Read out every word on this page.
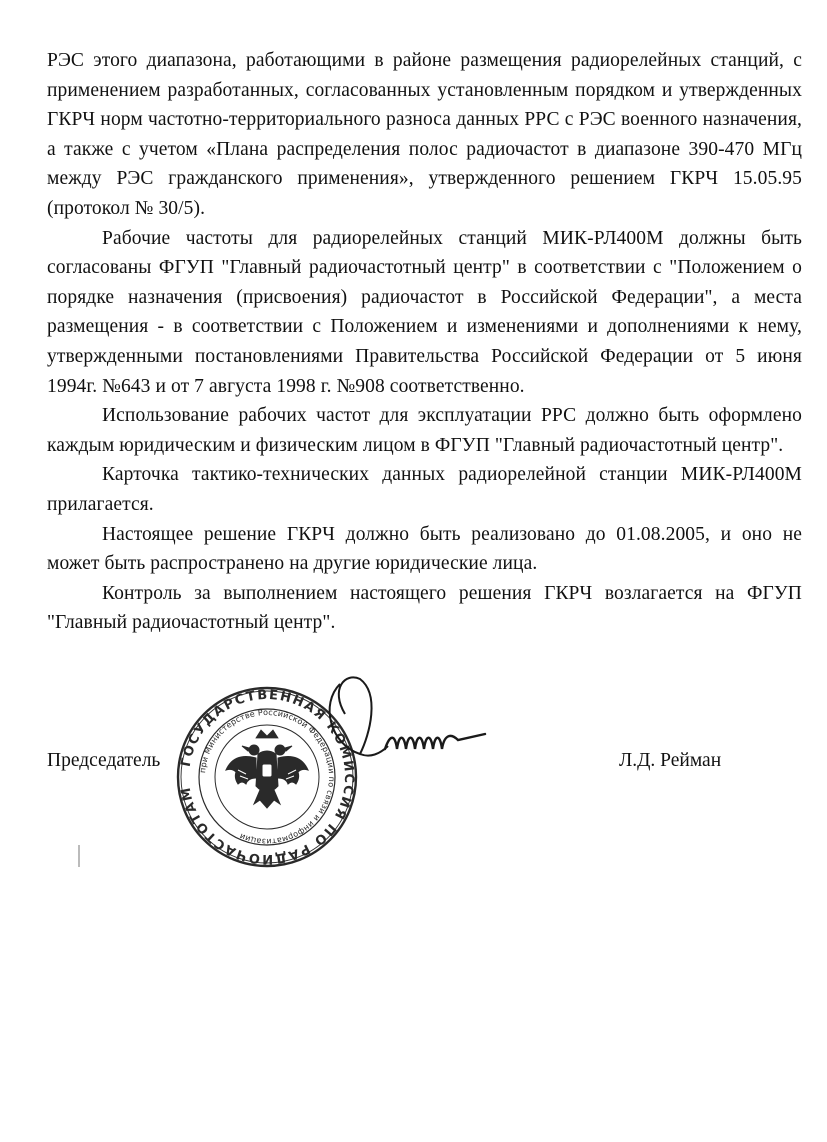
РЭС этого диапазона, работающими в районе размещения радиорелейных станций, с применением разработанных, согласованных установленным порядком и утвержденных ГКРЧ норм частотно-территориального разноса данных РРС с РЭС военного назначения, а также с учетом «Плана распределения полос радиочастот в диапазоне 390-470 МГц между РЭС гражданского применения», утвержденного решением ГКРЧ 15.05.95 (протокол № 30/5).

Рабочие частоты для радиорелейных станций МИК-РЛ400М должны быть согласованы ФГУП "Главный радиочастотный центр" в соответствии с "Положением о порядке назначения (присвоения) радиочастот в Российской Федерации", а места размещения - в соответствии с Положением и изменениями и дополнениями к нему, утвержденными постановлениями Правительства Российской Федерации от 5 июня 1994г. №643 и от 7 августа 1998 г. №908 соответственно.

Использование рабочих частот для эксплуатации РРС должно быть оформлено каждым юридическим и физическим лицом в ФГУП "Главный радиочастотный центр".

Карточка тактико-технических данных радиорелейной станции МИК-РЛ400М прилагается.

Настоящее решение ГКРЧ должно быть реализовано до 01.08.2005, и оно не может быть распространено на другие юридические лица.

Контроль за выполнением настоящего решения ГКРЧ возлагается на ФГУП "Главный радиочастотный центр".

Председатель	Л.Д. Рейман
ГОСУДАРСТВЕННАЯ КОМИССИЯ ПО РАДИОЧАСТОТАМ
при Министерстве Российской Федерации по связи и информатизации
